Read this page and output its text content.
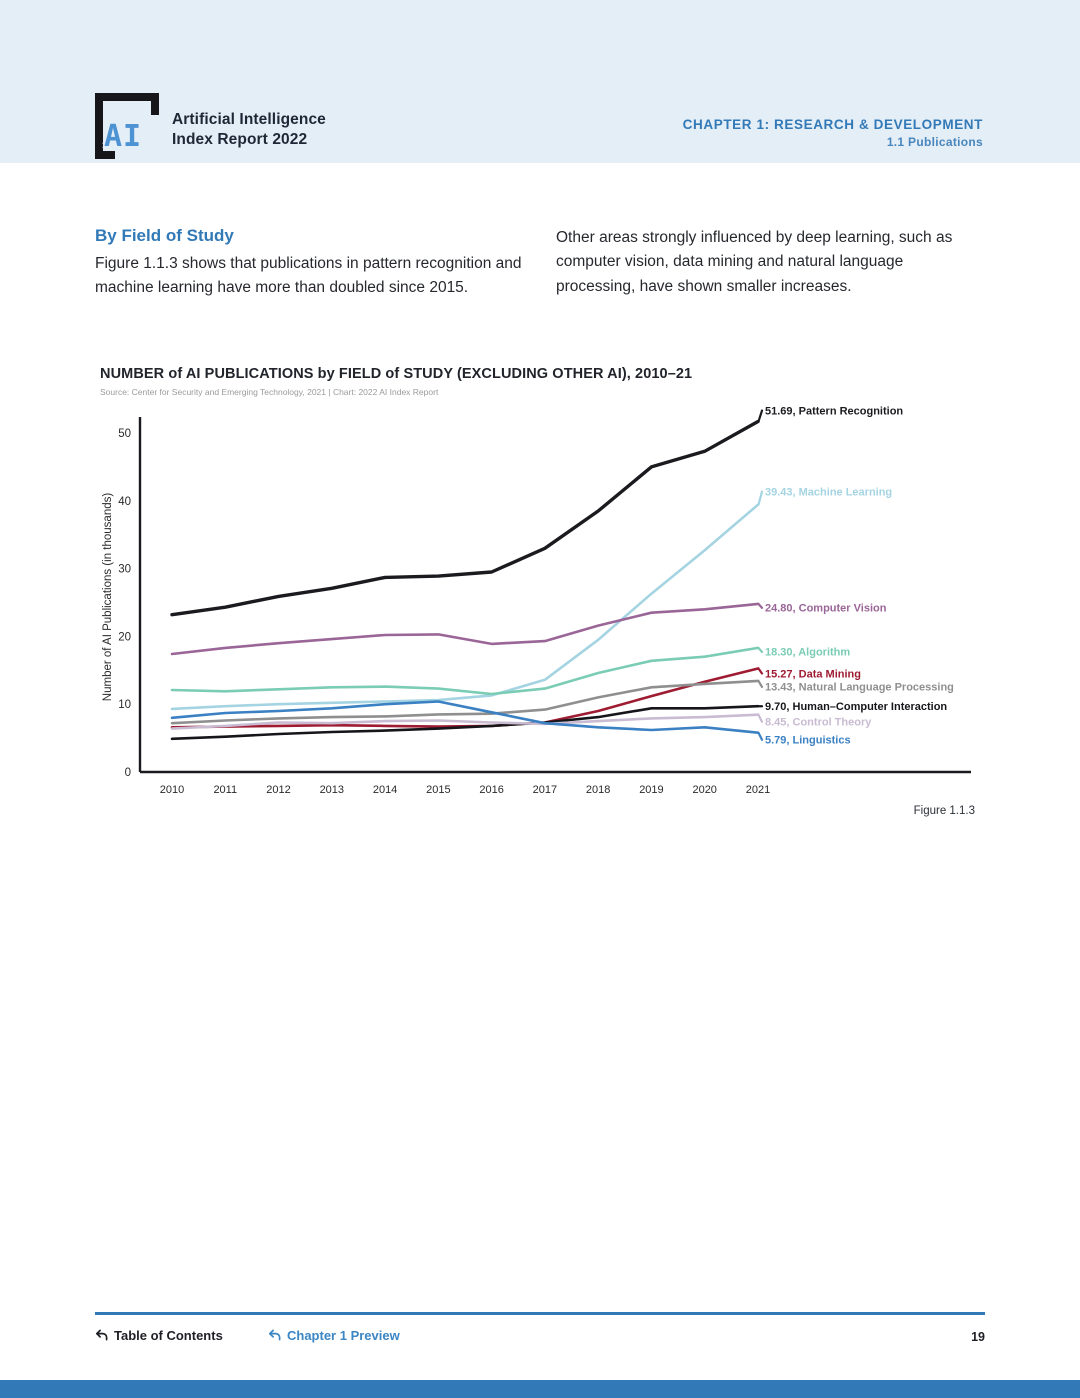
AI Artificial Intelligence
Index Report 2022
CHAPTER 1: RESEARCH & DEVELOPMENT
1.1 Publications
By Field of Study
Figure 1.1.3 shows that publications in pattern recognition and machine learning have more than doubled since 2015.
Other areas strongly influenced by deep learning, such as computer vision, data mining and natural language processing, have shown smaller increases.
NUMBER of AI PUBLICATIONS by FIELD of STUDY (EXCLUDING OTHER AI), 2010–21
Source: Center for Security and Emerging Technology, 2021 | Chart: 2022 AI Index Report
Number of AI Publications (in thousands)
0
10
20
30
40
50
2010	2011	2012	2013	2014	2015	2016	2017	2018	2019	2020	2021
51.69, Pattern Recognition
39.43, Machine Learning
24.80, Computer Vision
18.30, Algorithm
15.27, Data Mining
13.43, Natural Language Processing
9.70, Human–Computer Interaction
8.45, Control Theory
5.79, Linguistics
Figure 1.1.3
Table of Contents	Chapter 1 Preview	19
